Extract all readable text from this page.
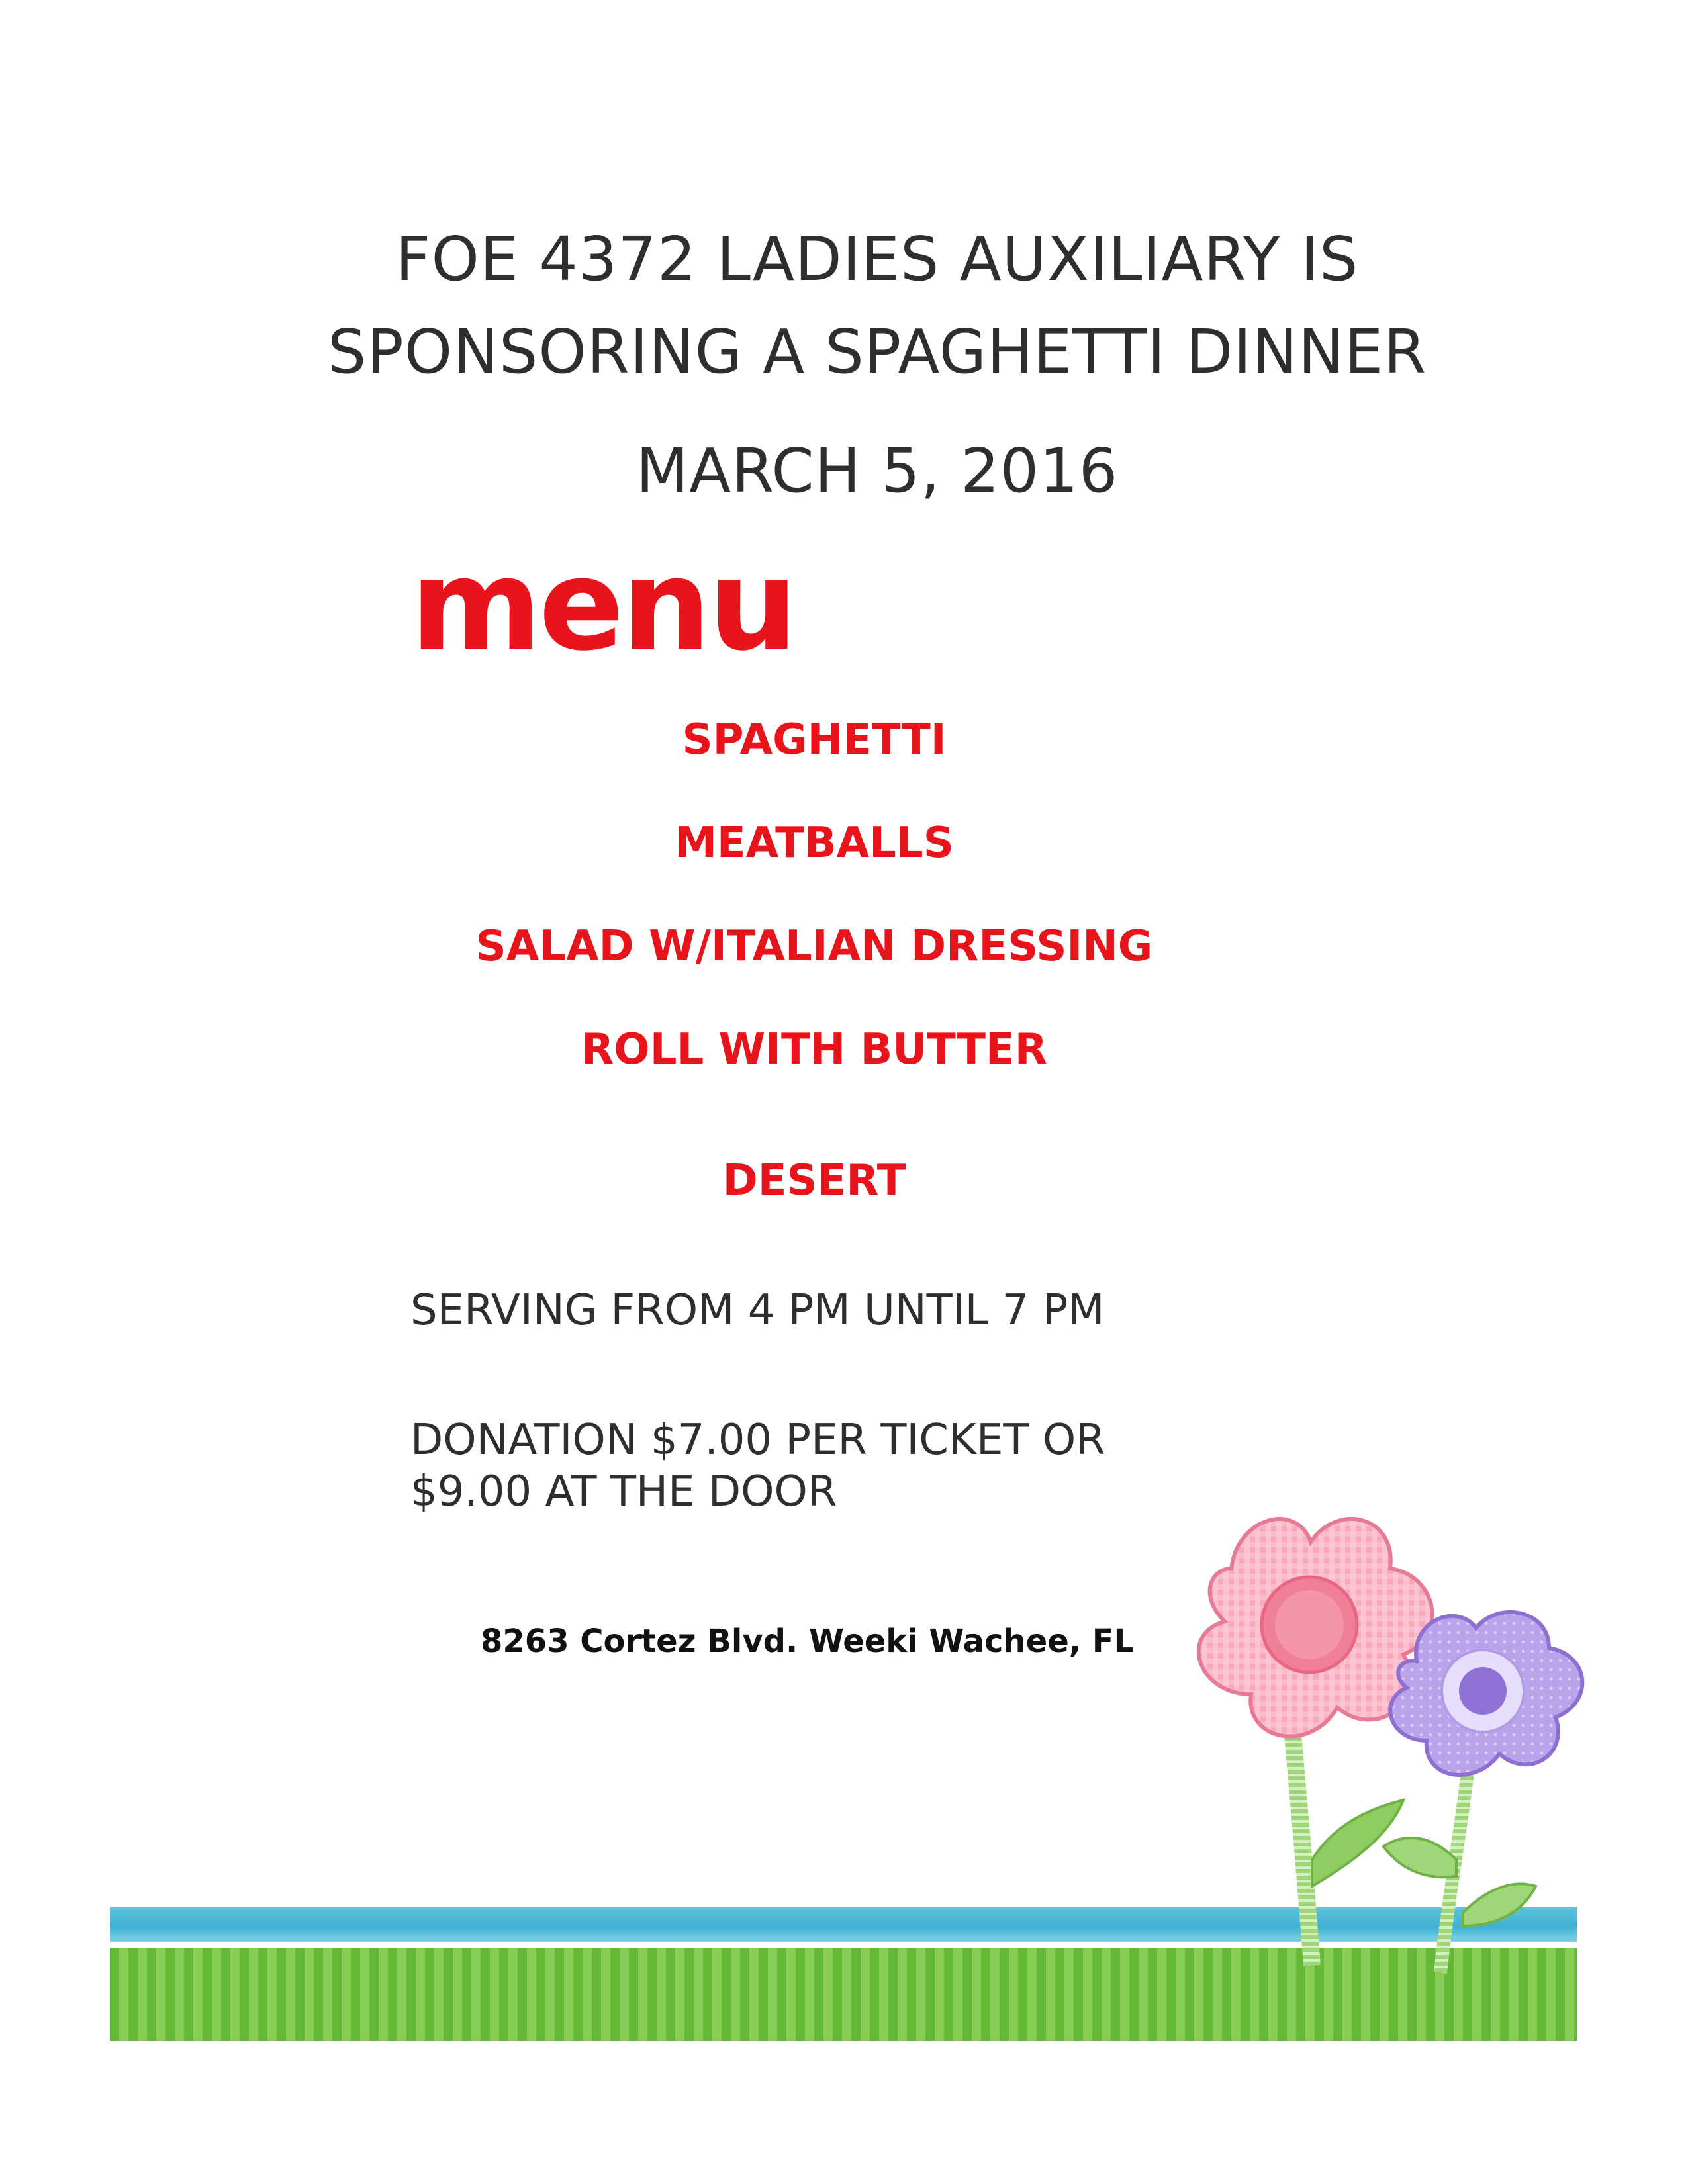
FOE 4372 LADIES AUXILIARY IS
SPONSORING A SPAGHETTI DINNER
MARCH 5, 2016
menu
SPAGHETTI
MEATBALLS
SALAD W/ITALIAN DRESSING
ROLL WITH BUTTER
DESERT
SERVING FROM 4 PM UNTIL 7 PM
DONATION $7.00 PER TICKET OR
$9.00 AT THE DOOR
8263 Cortez Blvd. Weeki Wachee, FL
